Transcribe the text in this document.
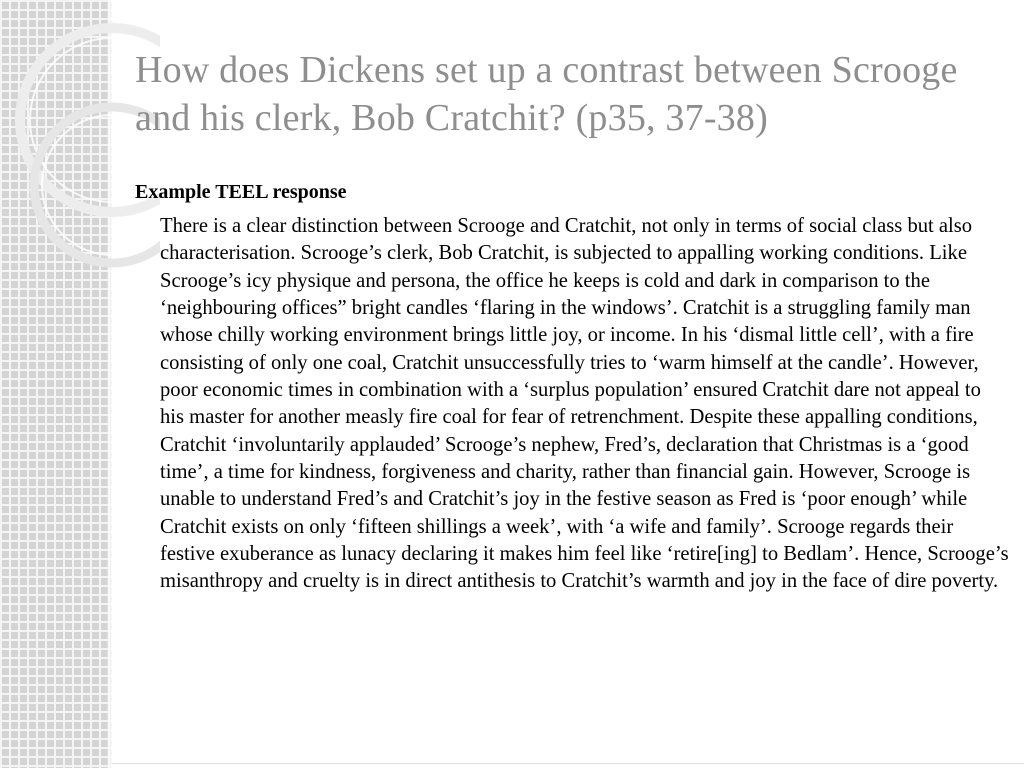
How does Dickens set up a contrast between Scrooge and his clerk, Bob Cratchit? (p35, 37-38)
Example TEEL response

There is a clear distinction between Scrooge and Cratchit, not only in terms of social class but also characterisation. Scrooge’s clerk, Bob Cratchit, is subjected to appalling working conditions. Like Scrooge’s icy physique and persona, the office he keeps is cold and dark in comparison to the ‘neighbouring offices” bright candles ‘flaring in the windows’. Cratchit is a struggling family man whose chilly working environment brings little joy, or income. In his ‘dismal little cell’, with a fire consisting of only one coal, Cratchit unsuccessfully tries to ‘warm himself at the candle’. However, poor economic times in combination with a ‘surplus population’ ensured Cratchit dare not appeal to his master for another measly fire coal for fear of retrenchment. Despite these appalling conditions, Cratchit ‘involuntarily applauded’ Scrooge’s nephew, Fred’s, declaration that Christmas is a ‘good time’, a time for kindness, forgiveness and charity, rather than financial gain. However, Scrooge is unable to understand Fred’s and Cratchit’s joy in the festive season as Fred is ‘poor enough’ while Cratchit exists on only ‘fifteen shillings a week’, with ‘a wife and family’. Scrooge regards their festive exuberance as lunacy declaring it makes him feel like ‘retire[ing] to Bedlam’. Hence, Scrooge’s misanthropy and cruelty is in direct antithesis to Cratchit’s warmth and joy in the face of dire poverty.
